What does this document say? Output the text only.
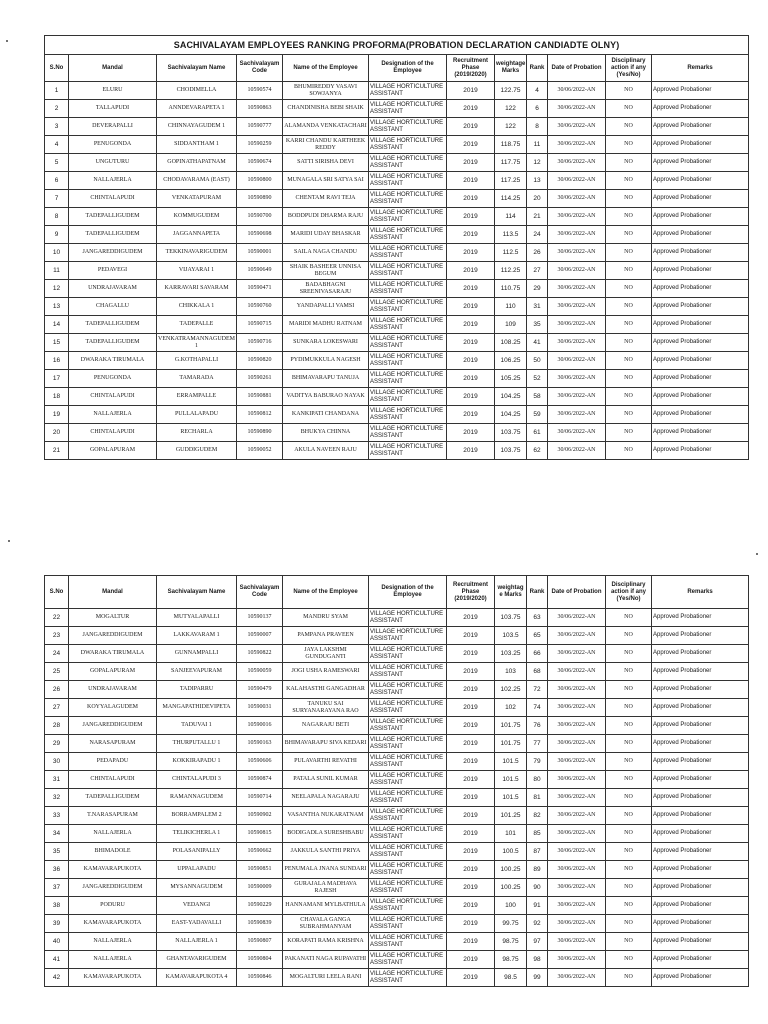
SACHIVALAYAM EMPLOYEES RANKING PROFORMA(PROBATION DECLARATION CANDIADTE OLNY)											
S.No	Mandal	Sachivalayam Name	Sachivalayam Code	Name of the Employee	Designation of the Employee	Recruitment Phase (2019/2020)	weightage Marks	Rank	Date of Probation	Disciplinary action if any (Yes/No)	Remarks
1	ELURU	CHODIMELLA	10590574	BHUMIREDDY VASAVI SOWJANYA	VILLAGE HORTICULTURE ASSISTANT	2019	122.75	4	30/06/2022-AN	NO	Approved Probationer
2	TALLAPUDI	ANNDEVARAPETA 1	10590863	CHANDINISHA BEBI SHAIK	VILLAGE HORTICULTURE ASSISTANT	2019	122	6	30/06/2022-AN	NO	Approved Probationer
3	DEVERAPALLI	CHINNAYAGUDEM 1	10590777	ALAMANDA VENKATACHARI	VILLAGE HORTICULTURE ASSISTANT	2019	122	8	30/06/2022-AN	NO	Approved Probationer
4	PENUGONDA	SIDDANTHAM 1	10590259	KARRI CHANDU KARTHEEK REDDY	VILLAGE HORTICULTURE ASSISTANT	2019	118.75	11	30/06/2022-AN	NO	Approved Probationer
5	UNGUTURU	GOPINATHAPATNAM	10590674	SATTI SIRISHA DEVI	VILLAGE HORTICULTURE ASSISTANT	2019	117.75	12	30/06/2022-AN	NO	Approved Probationer
6	NALLAJERLA	CHODAVARAMA (EAST)	10590800	MUNAGALA SRI SATYA SAI	VILLAGE HORTICULTURE ASSISTANT	2019	117.25	13	30/06/2022-AN	NO	Approved Probationer
7	CHINTALAPUDI	VENKATAPURAM	10590890	CHENTAM RAVI TEJA	VILLAGE HORTICULTURE ASSISTANT	2019	114.25	20	30/06/2022-AN	NO	Approved Probationer
8	TADEPALLIGUDEM	KOMMUGUDEM	10590700	BODDPUDI DHARMA RAJU	VILLAGE HORTICULTURE ASSISTANT	2019	114	21	30/06/2022-AN	NO	Approved Probationer
9	TADEPALLIGUDEM	JAGGANNAPETA	10590698	MARIDI UDAY BHASKAR	VILLAGE HORTICULTURE ASSISTANT	2019	113.5	24	30/06/2022-AN	NO	Approved Probationer
10	JANGAREDDIGUDEM	TEKKINAVARIGUDEM	10590001	SAILA NAGA CHANDU	VILLAGE HORTICULTURE ASSISTANT	2019	112.5	26	30/06/2022-AN	NO	Approved Probationer
11	PEDAVEGI	VIJAYARAI 1	10590649	SHAIK BASHEER UNNISA BEGUM	VILLAGE HORTICULTURE ASSISTANT	2019	112.25	27	30/06/2022-AN	NO	Approved Probationer
12	UNDRAJAVARAM	KARRAVARI SAVARAM	10590471	BADABHAGNI SREENIVASARAJU	VILLAGE HORTICULTURE ASSISTANT	2019	110.75	29	30/06/2022-AN	NO	Approved Probationer
13	CHAGALLU	CHIKKALA 1	10590760	YANDAPALLI VAMSI	VILLAGE HORTICULTURE ASSISTANT	2019	110	31	30/06/2022-AN	NO	Approved Probationer
14	TADEPALLIGUDEM	TADEPALLE	10590715	MARIDI MADHU RATNAM	VILLAGE HORTICULTURE ASSISTANT	2019	109	35	30/06/2022-AN	NO	Approved Probationer
15	TADEPALLIGUDEM	VENKATRAMANNAGUDEM 1	10590716	SUNKARA LOKESWARI	VILLAGE HORTICULTURE ASSISTANT	2019	108.25	41	30/06/2022-AN	NO	Approved Probationer
16	DWARAKA TIRUMALA	G.KOTHAPALLI	10590820	PYDIMUKKULA NAGESH	VILLAGE HORTICULTURE ASSISTANT	2019	106.25	50	30/06/2022-AN	NO	Approved Probationer
17	PENUGONDA	TAMARADA	10590261	BHIMAVARAPU TANUJA	VILLAGE HORTICULTURE ASSISTANT	2019	105.25	52	30/06/2022-AN	NO	Approved Probationer
18	CHINTALAPUDI	ERRAMPALLE	10590881	VADITYA BABURAO NAYAK	VILLAGE HORTICULTURE ASSISTANT	2019	104.25	58	30/06/2022-AN	NO	Approved Probationer
19	NALLAJERLA	PULLALAPADU	10590812	KANKIPATI CHANDANA	VILLAGE HORTICULTURE ASSISTANT	2019	104.25	59	30/06/2022-AN	NO	Approved Probationer
20	CHINTALAPUDI	RECHARLA	10590890	BHUKYA CHINNA	VILLAGE HORTICULTURE ASSISTANT	2019	103.75	61	30/06/2022-AN	NO	Approved Probationer
21	GOPALAPURAM	GUDDIGUDEM	10590052	AKULA NAVEEN RAJU	VILLAGE HORTICULTURE ASSISTANT	2019	103.75	62	30/06/2022-AN	NO	Approved Probationer
S.No	Mandal	Sachivalayam Name	Sachivalayam Code	Name of the Employee	Designation of the Employee	Recruitment Phase (2019/2020)	weightag e Marks	Rank	Date of Probation	Disciplinary action if any (Yes/No)	Remarks
22	MOGALTUR	MUTYALAPALLI	10590137	MANDRU SYAM	VILLAGE HORTICULTURE ASSISTANT	2019	103.75	63	30/06/2022-AN	NO	Approved Probationer
23	JANGAREDDIGUDEM	LAKKAVARAM 1	10590007	PAMPANA PRAVEEN	VILLAGE HORTICULTURE ASSISTANT	2019	103.5	65	30/06/2022-AN	NO	Approved Probationer
24	DWARAKA TIRUMALA	GUNNAMPALLI	10590822	JAYA LAKSHMI GUNDUGANTI	VILLAGE HORTICULTURE ASSISTANT	2019	103.25	66	30/06/2022-AN	NO	Approved Probationer
25	GOPALAPURAM	SANJEEVAPURAM	10590059	JOGI USHA RAMESWARI	VILLAGE HORTICULTURE ASSISTANT	2019	103	68	30/06/2022-AN	NO	Approved Probationer
26	UNDRAJAVARAM	TADIPARRU	10590479	KALAHASTHI GANGADHAR	VILLAGE HORTICULTURE ASSISTANT	2019	102.25	72	30/06/2022-AN	NO	Approved Probationer
27	KOYYALAGUDEM	MANGAPATHIDEVIPETA	10590031	TANUKU SAI SURYANARAYANA RAO	VILLAGE HORTICULTURE ASSISTANT	2019	102	74	30/06/2022-AN	NO	Approved Probationer
28	JANGAREDDIGUDEM	TADUVAI 1	10590016	NAGARAJU BETI	VILLAGE HORTICULTURE ASSISTANT	2019	101.75	76	30/06/2022-AN	NO	Approved Probationer
29	NARASAPURAM	THURPUTALLU 1	10590163	BHIMAVARAPU SIVA KEDARI	VILLAGE HORTICULTURE ASSISTANT	2019	101.75	77	30/06/2022-AN	NO	Approved Probationer
30	PEDAPADU	KOKKIRAPADU 1	10590606	PULAVARTHI REVATHI	VILLAGE HORTICULTURE ASSISTANT	2019	101.5	79	30/06/2022-AN	NO	Approved Probationer
31	CHINTALAPUDI	CHINTALAPUDI 3	10590874	PATALA SUNIL KUMAR	VILLAGE HORTICULTURE ASSISTANT	2019	101.5	80	30/06/2022-AN	NO	Approved Probationer
32	TADEPALLIGUDEM	RAMANNAGUDEM	10590714	NEELAPALA NAGARAJU	VILLAGE HORTICULTURE ASSISTANT	2019	101.5	81	30/06/2022-AN	NO	Approved Probationer
33	T.NARASAPURAM	BORRAMPALEM 2	10590902	VASANTHA NUKARATNAM	VILLAGE HORTICULTURE ASSISTANT	2019	101.25	82	30/06/2022-AN	NO	Approved Probationer
34	NALLAJERLA	TELIKICHERLA 1	10590815	BODIGADLA SURESHBABU	VILLAGE HORTICULTURE ASSISTANT	2019	101	85	30/06/2022-AN	NO	Approved Probationer
35	BHIMADOLE	POLASANIPALLY	10590662	JAKKULA SANTHI PRIYA	VILLAGE HORTICULTURE ASSISTANT	2019	100.5	87	30/06/2022-AN	NO	Approved Probationer
36	KAMAVARAPUKOTA	UPPALAPADU	10590851	PENUMALA JNANA SUNDARI	VILLAGE HORTICULTURE ASSISTANT	2019	100.25	89	30/06/2022-AN	NO	Approved Probationer
37	JANGAREDDIGUDEM	MYSANNAGUDEM	10590009	GURAJALA MADHAVA RAJESH	VILLAGE HORTICULTURE ASSISTANT	2019	100.25	90	30/06/2022-AN	NO	Approved Probationer
38	PODURU	VEDANGI	10590229	HANNAMANI MYLBATHULA	VILLAGE HORTICULTURE ASSISTANT	2019	100	91	30/06/2022-AN	NO	Approved Probationer
39	KAMAVARAPUKOTA	EAST-YADAVALLI	10590839	CHAVALA GANGA SUBRAHMANYAM	VILLAGE HORTICULTURE ASSISTANT	2019	99.75	92	30/06/2022-AN	NO	Approved Probationer
40	NALLAJERLA	NALLAJERLA 1	10590807	KORAPATI RAMA KRISHNA	VILLAGE HORTICULTURE ASSISTANT	2019	98.75	97	30/06/2022-AN	NO	Approved Probationer
41	NALLAJERLA	GHANTAVARIGUDEM	10590804	PAKANATI NAGA RUPAVATHI	VILLAGE HORTICULTURE ASSISTANT	2019	98.75	98	30/06/2022-AN	NO	Approved Probationer
42	KAMAVARAPUKOTA	KAMAVARAPUKOTA 4	10590846	MOGALTURI LEELA RANI	VILLAGE HORTICULTURE ASSISTANT	2019	98.5	99	30/06/2022-AN	NO	Approved Probationer
